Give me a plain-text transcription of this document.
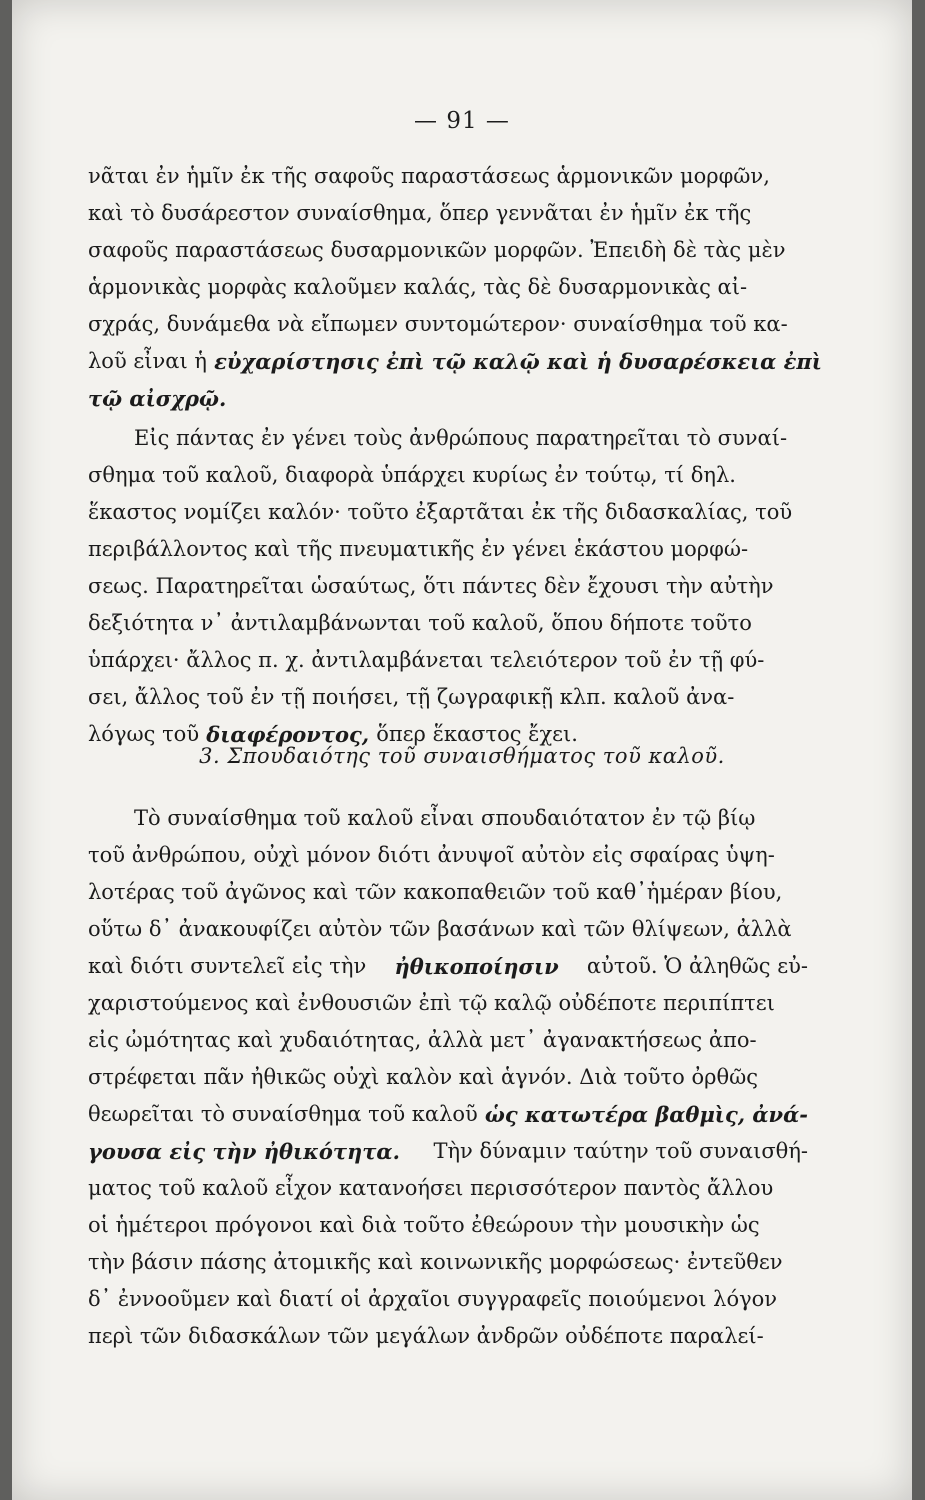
— 91 —
νᾶται ἐν ἡμῖν ἐκ τῆς σαφοῦς παραστάσεως ἁρμονικῶν μορφῶν,
καὶ τὸ δυσάρεστον συναίσθημα, ὅπερ γεννᾶται ἐν ἡμῖν ἐκ τῆς
σαφοῦς παραστάσεως δυσαρμονικῶν μορφῶν. Ἐπειδὴ δὲ τὰς μὲν
ἁρμονικὰς μορφὰς καλοῦμεν καλάς, τὰς δὲ δυσαρμονικὰς αἰ-
σχράς, δυνάμεθα νὰ εἴπωμεν συντομώτερον· συναίσθημα τοῦ κα-
λοῦ εἶναι ἡ εὐχαρίστησις ἐπὶ τῷ καλῷ καὶ ἡ δυσαρέσκεια ἐπὶ
τῷ αἰσχρῷ.
Εἰς πάντας ἐν γένει τοὺς ἀνθρώπους παρατηρεῖται τὸ συναί-
σθημα τοῦ καλοῦ, διαφορὰ ὑπάρχει κυρίως ἐν τούτῳ, τί δηλ.
ἕκαστος νομίζει καλόν· τοῦτο ἐξαρτᾶται ἐκ τῆς διδασκαλίας, τοῦ
περιβάλλοντος καὶ τῆς πνευματικῆς ἐν γένει ἑκάστου μορφώ-
σεως. Παρατηρεῖται ὡσαύτως, ὅτι πάντες δὲν ἔχουσι τὴν αὐτὴν
δεξιότητα ν᾽ ἀντιλαμβάνωνται τοῦ καλοῦ, ὅπου δήποτε τοῦτο
ὑπάρχει· ἄλλος π. χ. ἀντιλαμβάνεται τελειότερον τοῦ ἐν τῇ φύ-
σει, ἄλλος τοῦ ἐν τῇ ποιήσει, τῇ ζωγραφικῇ κλπ. καλοῦ ἀνα-
λόγως τοῦ διαφέροντος, ὅπερ ἕκαστος ἔχει.
3. Σπουδαιότης τοῦ συναισθήματος τοῦ καλοῦ.
Τὸ συναίσθημα τοῦ καλοῦ εἶναι σπουδαιότατον ἐν τῷ βίῳ
τοῦ ἀνθρώπου, οὐχὶ μόνον διότι ἀνυψοῖ αὐτὸν εἰς σφαίρας ὑψη-
λοτέρας τοῦ ἀγῶνος καὶ τῶν κακοπαθειῶν τοῦ καθ᾽ἡμέραν βίου,
οὕτω δ᾽ ἀνακουφίζει αὐτὸν τῶν βασάνων καὶ τῶν θλίψεων, ἀλλὰ
καὶ διότι συντελεῖ εἰς τὴν ἠθικοποίησιν αὐτοῦ. Ὁ ἀληθῶς εὐ-
χαριστούμενος καὶ ἐνθουσιῶν ἐπὶ τῷ καλῷ οὐδέποτε περιπίπτει
εἰς ὠμότητας καὶ χυδαιότητας, ἀλλὰ μετ᾽ ἀγανακτήσεως ἀπο-
στρέφεται πᾶν ἠθικῶς οὐχὶ καλὸν καὶ ἁγνόν. Διὰ τοῦτο ὀρθῶς
θεωρεῖται τὸ συναίσθημα τοῦ καλοῦ ὡς κατωτέρα βαθμὶς, ἀνά-
γουσα εἰς τὴν ἠθικότητα. Τὴν δύναμιν ταύτην τοῦ συναισθή-
ματος τοῦ καλοῦ εἶχον κατανοήσει περισσότερον παντὸς ἄλλου
οἱ ἡμέτεροι πρόγονοι καὶ διὰ τοῦτο ἐθεώρουν τὴν μουσικὴν ὡς
τὴν βάσιν πάσης ἀτομικῆς καὶ κοινωνικῆς μορφώσεως· ἐντεῦθεν
δ᾽ ἐννοοῦμεν καὶ διατί οἱ ἀρχαῖοι συγγραφεῖς ποιούμενοι λόγον
περὶ τῶν διδασκάλων τῶν μεγάλων ἀνδρῶν οὐδέποτε παραλεί-
